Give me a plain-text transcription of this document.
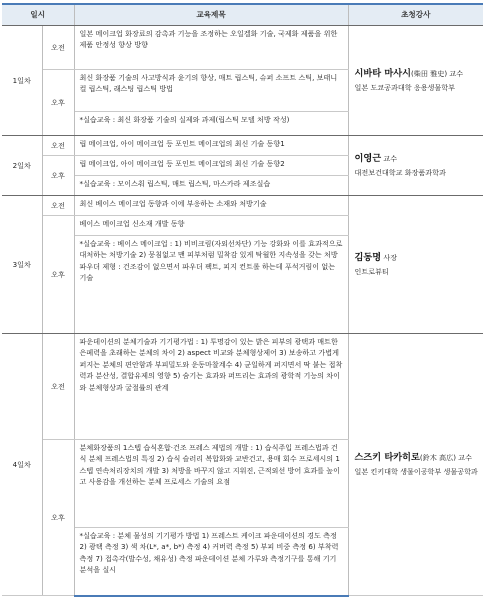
일시		교육제목	초청강사
1일차	오전	일본 메이크업 화장료의 감촉과 기능을 조정하는 오일겔화 기술, 국제화 제품을 위한 제품 안정성 향상 방향	시바타 마사시(柴田 雅史) 교수
일본 도쿄공과대학 응용생물학부

	오후	최신 화장품 기술의 사고방식과 윤기의 향상, 매트 립스틱, 슈퍼 소프트 스틱, 보태니컬 립스틱, 래스팅 립스틱 방법	
		*실습교육 : 최신 화장품 기술의 실제와 과제(립스틱 모델 처방 작성)	
2일차	오전	립 메이크업, 아이 메이크업 등 포인트 메이크업의 최신 기술 동향1	이영근 교수
대전보건대학교 화장품과학과

	오후	립 메이크업, 아이 메이크업 등 포인트 메이크업의 최신 기술 동향2	
		*실습교육 : 모이스춰 립스틱, 매트 립스틱, 마스카라 제조실습	
3일차	오전	최신 베이스 메이크업 동향과 이에 부응하는 소재와 처방기술	김동명 사장
인트로뷰티

	오후	베이스 메이크업 신소재 개발 동향	
		*실습교육 : 베이스 메이크업 : 1) 비비크림(자외선차단) 기능 강화와 이를 효과적으로 대처하는 처방기술 2) 뭉침없고 맨 피부처럼 밀착감 있게 탁월한 지속성을 갖는 처방
파우더 제형 : 건조감이 없으면서 파우더 팩트, 피지 컨트롤 하는데 푸석거림이 없는 기술	
4일차	오전	파운데이션의 분체기술과 기기평가법 : 1) 투명감이 있는 밝은 피부의 광택과 매트한 은페력을 초래하는 분체의 차이 2) aspect 비교와 분체형상제어 3) 보송하고 가볍게 퍼지는 분체의 편안함과 부피밀도와 운동마찰계수 4) 균일하게 퍼지면서 딱 붙는 접착력과 분산성, 결합유제의 영향 5) 숨기는 효과와 퍼뜨리는 효과의 광학적 기능의 차이와 분체형상과 굴절률의 관계	스즈키 타카히로(鈴木 高広) 교수
일본 킨키대학 생물이공학부 생물공학과

	오후	분체화장품의 1스텝 습식혼합·건조 프레스 제법의 개발 : 1) 습식주입 프레스법과 건식 분체 프레스법의 특징 2) 습식 슬러리 복합화와 교반건고, 용매 회수 프로세시의 1스텝 연속처리장치의 개발 3) 처방을 바꾸지 않고 지워진, 근적외선 방어 효과를 높이고 사용감을 개선하는 분체 프로세스 기술의 요점	
		*실습교육 : 분체 물성의 기기평가 방법 1) 프레스트 케이크 파운데이션의 경도 측정 2) 광택 측정 3) 색 차(L*, a*, b*) 측정 4) 커버력 측정 5) 부피 비중 측정 6) 부착력 측정 7) 접촉각(발수성, 채유성) 측정 파운데이션 분체 가루와 측정기구를 통해 기기 분석을 실시	
